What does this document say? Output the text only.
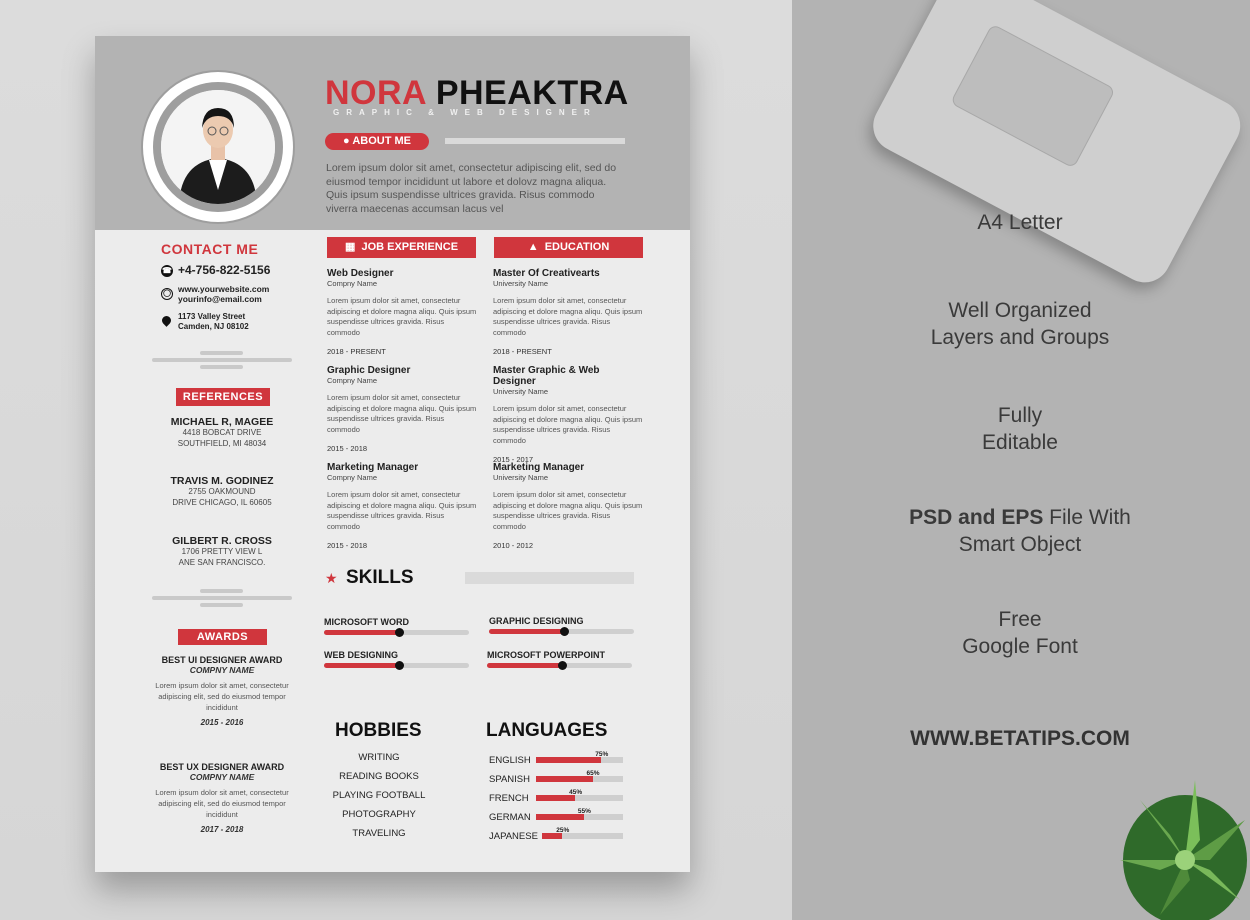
A4 Letter
Well Organized
Layers and Groups
Fully
Editable
PSD and EPS File With
Smart Object
Free
Google Font
WWW.BETATIPS.COM
NORA PHEAKTRA
GRAPHIC & WEB DESIGNER
● ABOUT ME
Lorem ipsum dolor sit amet, consectetur adipiscing elit, sed do eiusmod tempor incididunt ut labore et dolovz magna aliqua. Quis ipsum suspendisse ultrices gravida. Risus commodo viverra maecenas accumsan lacus vel
CONTACT ME
☎ +4-756-822-5156
◯ www.yourwebsite.com
yourinfo@email.com
1173 Valley Street
Camden, NJ 08102
REFERENCES
MICHAEL R, MAGEE
4418 BOBCAT DRIVE
SOUTHFIELD, MI 48034
TRAVIS M. GODINEZ
2755 OAKMOUND
DRIVE CHICAGO, IL 60605
GILBERT R. CROSS
1706 PRETTY VIEW L
ANE SAN FRANCISCO.
AWARDS
BEST UI DESIGNER AWARD
COMPNY NAME
Lorem ipsum dolor sit amet, consectetur adipiscing elit, sed do eiusmod tempor incididunt
2015 - 2016
BEST UX DESIGNER AWARD
COMPNY NAME
Lorem ipsum dolor sit amet, consectetur adipiscing elit, sed do eiusmod tempor incididunt
2017 - 2018
▦  JOB EXPERIENCE	▲  EDUCATION
Web Designer
Compny Name
Lorem ipsum dolor sit amet, consectetur adipiscing et dolore magna aliqu. Quis ipsum suspendisse ultrices gravida. Risus commodo
2018 - PRESENT
Graphic Designer
Compny Name
Lorem ipsum dolor sit amet, consectetur adipiscing et dolore magna aliqu. Quis ipsum suspendisse ultrices gravida. Risus commodo
2015 - 2018
Marketing Manager
Compny Name
Lorem ipsum dolor sit amet, consectetur adipiscing et dolore magna aliqu. Quis ipsum suspendisse ultrices gravida. Risus commodo
2015 - 2018
Master Of Creativearts
University Name
Lorem ipsum dolor sit amet, consectetur adipiscing et dolore magna aliqu. Quis ipsum suspendisse ultrices gravida. Risus commodo
2018 - PRESENT
Master Graphic & Web Designer
University Name
Lorem ipsum dolor sit amet, consectetur adipiscing et dolore magna aliqu. Quis ipsum suspendisse ultrices gravida. Risus commodo
2015 - 2017
Marketing Manager
University Name
Lorem ipsum dolor sit amet, consectetur adipiscing et dolore magna aliqu. Quis ipsum suspendisse ultrices gravida. Risus commodo
2010 - 2012
★ SKILLS
MICROSOFT WORD	GRAPHIC DESIGNING
WEB DESIGNING	MICROSOFT POWERPOINT
HOBBIES
WRITING
READING BOOKS
PLAYING FOOTBALL
PHOTOGRAPHY
TRAVELING
LANGUAGES
ENGLISH
75%
SPANISH
65%
FRENCH
45%
GERMAN
55%
JAPANESE
25%
